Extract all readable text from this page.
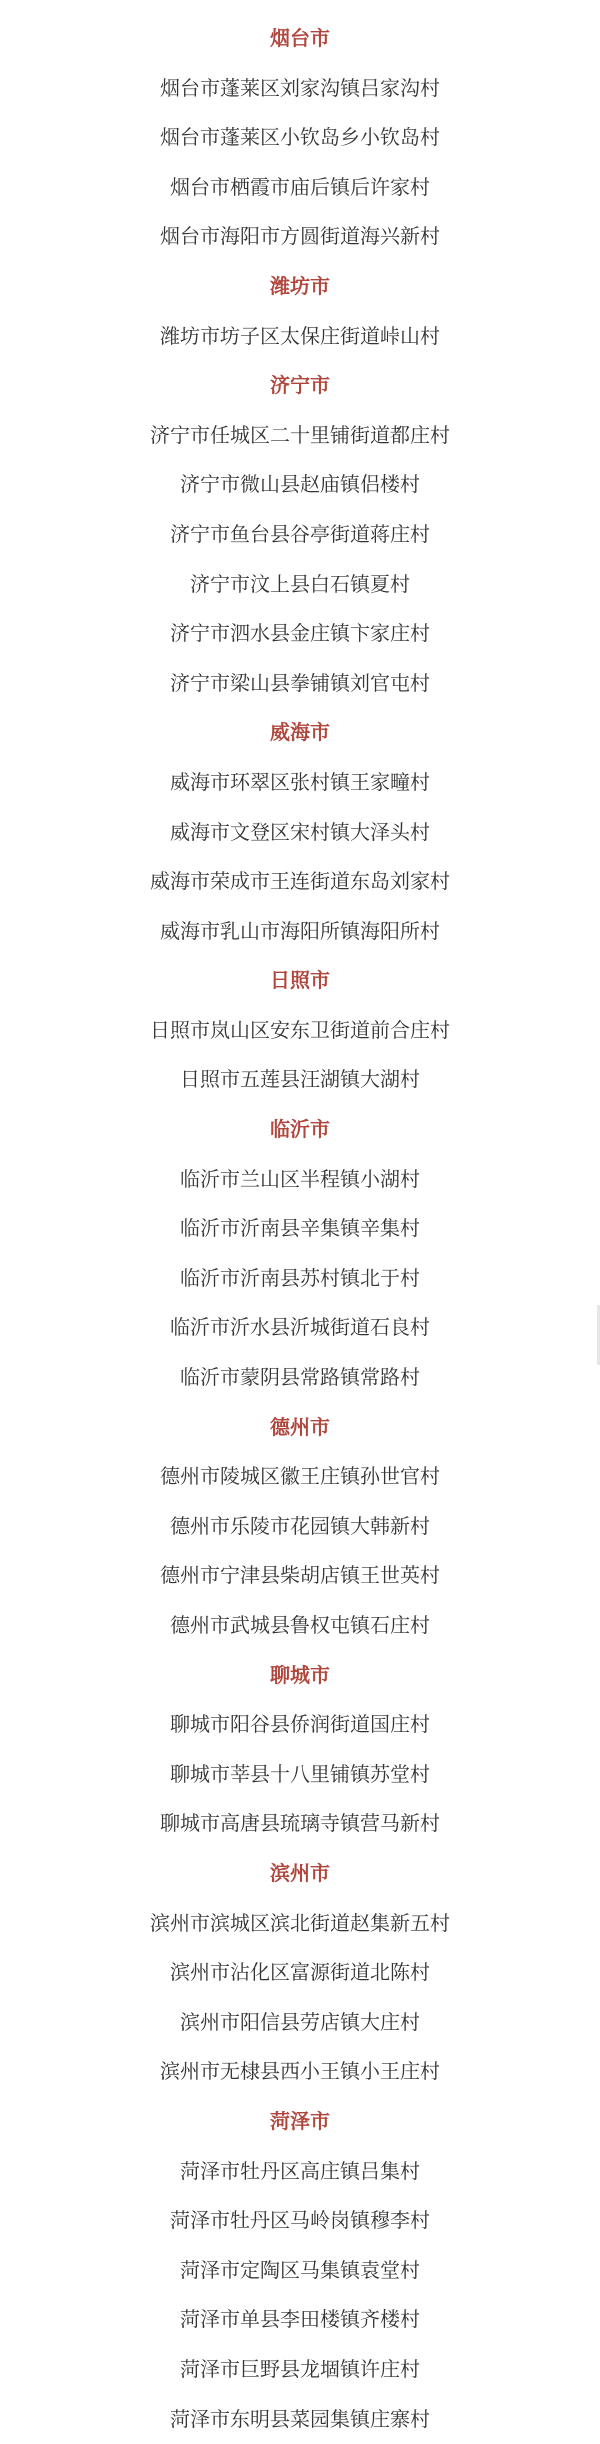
烟台市
烟台市蓬莱区刘家沟镇吕家沟村
烟台市蓬莱区小钦岛乡小钦岛村
烟台市栖霞市庙后镇后许家村
烟台市海阳市方圆街道海兴新村
潍坊市
潍坊市坊子区太保庄街道峠山村
济宁市
济宁市任城区二十里铺街道都庄村
济宁市微山县赵庙镇侣楼村
济宁市鱼台县谷亭街道蒋庄村
济宁市汶上县白石镇夏村
济宁市泗水县金庄镇卞家庄村
济宁市梁山县拳铺镇刘官屯村
威海市
威海市环翠区张村镇王家疃村
威海市文登区宋村镇大泽头村
威海市荣成市王连街道东岛刘家村
威海市乳山市海阳所镇海阳所村
日照市
日照市岚山区安东卫街道前合庄村
日照市五莲县汪湖镇大湖村
临沂市
临沂市兰山区半程镇小湖村
临沂市沂南县辛集镇辛集村
临沂市沂南县苏村镇北于村
临沂市沂水县沂城街道石良村
临沂市蒙阴县常路镇常路村
德州市
德州市陵城区徽王庄镇孙世官村
德州市乐陵市花园镇大韩新村
德州市宁津县柴胡店镇王世英村
德州市武城县鲁权屯镇石庄村
聊城市
聊城市阳谷县侨润街道国庄村
聊城市莘县十八里铺镇苏堂村
聊城市高唐县琉璃寺镇营马新村
滨州市
滨州市滨城区滨北街道赵集新五村
滨州市沾化区富源街道北陈村
滨州市阳信县劳店镇大庄村
滨州市无棣县西小王镇小王庄村
菏泽市
菏泽市牡丹区高庄镇吕集村
菏泽市牡丹区马岭岗镇穆李村
菏泽市定陶区马集镇袁堂村
菏泽市单县李田楼镇齐楼村
菏泽市巨野县龙堌镇许庄村
菏泽市东明县菜园集镇庄寨村
